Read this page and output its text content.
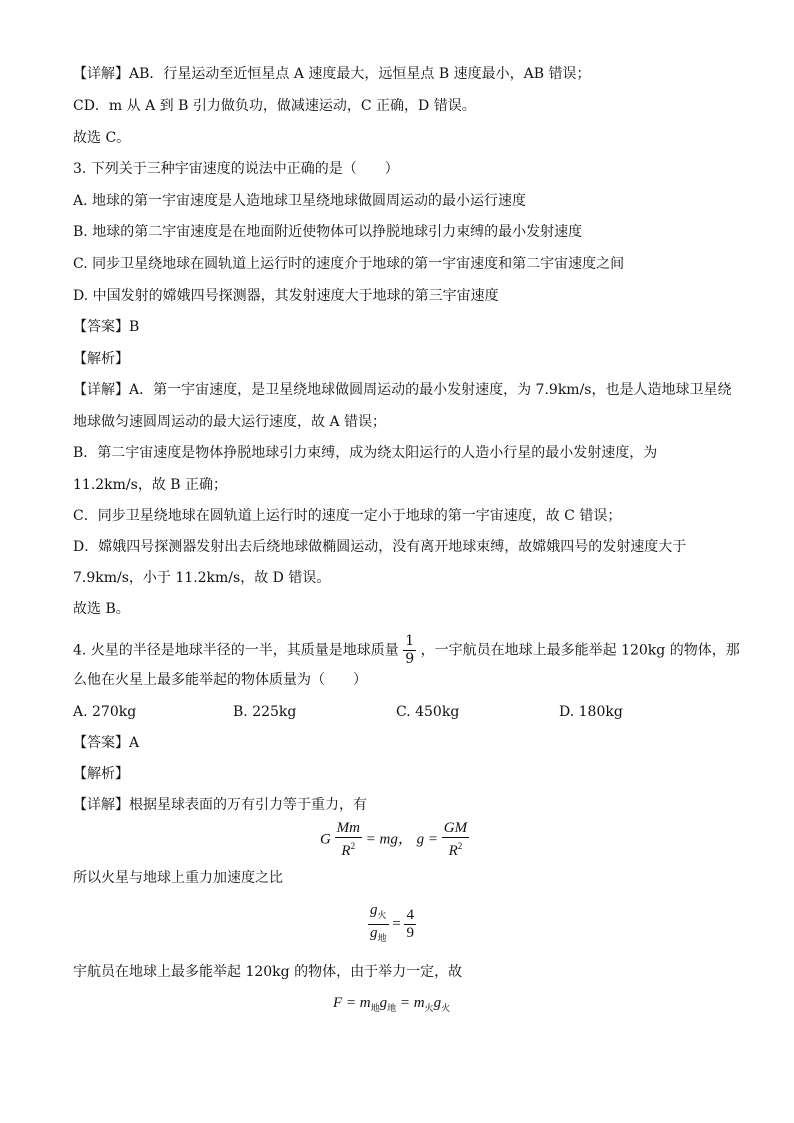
【详解】AB．行星运动至近恒星点 A 速度最大，远恒星点 B 速度最小，AB 错误；
CD．m 从 A 到 B 引力做负功，做减速运动，C 正确，D 错误。
故选 C。
3. 下列关于三种宇宙速度的说法中正确的是（　　）
A. 地球的第一宇宙速度是人造地球卫星绕地球做圆周运动的最小运行速度
B. 地球的第二宇宙速度是在地面附近使物体可以挣脱地球引力束缚的最小发射速度
C. 同步卫星绕地球在圆轨道上运行时的速度介于地球的第一宇宙速度和第二宇宙速度之间
D. 中国发射的嫦娥四号探测器，其发射速度大于地球的第三宇宙速度
【答案】B
【解析】
【详解】A．第一宇宙速度，是卫星绕地球做圆周运动的最小发射速度，为 7.9km/s，也是人造地球卫星绕
地球做匀速圆周运动的最大运行速度，故 A 错误；
B．第二宇宙速度是物体挣脱地球引力束缚，成为绕太阳运行的人造小行星的最小发射速度，为
11.2km/s，故 B 正确；
C．同步卫星绕地球在圆轨道上运行时的速度一定小于地球的第一宇宙速度，故 C 错误；
D．嫦娥四号探测器发射出去后绕地球做椭圆运动，没有离开地球束缚，故嫦娥四号的发射速度大于
7.9km/s，小于 11.2km/s，故 D 错误。
故选 B。
4. 火星的半径是地球半径的一半，其质量是地球质量 $\frac{1}{9}$ ，一宇航员在地球上最多能举起 120kg 的物体，那
么他在火星上最多能举起的物体质量为（　　）
A. 270kg	B. 225kg	C. 450kg	D. 180kg
【答案】A
【解析】
【详解】根据星球表面的万有引力等于重力，有
G $\frac{Mm}{R^2}$ = mg， $g = \frac{GM}{R^2}$
所以火星与地球上重力加速度之比
$\frac{g_火}{g_地} = \frac{4}{9}$
宇航员在地球上最多能举起 120kg 的物体，由于举力一定，故
$F = m_地g_地 = m_火g_火$
